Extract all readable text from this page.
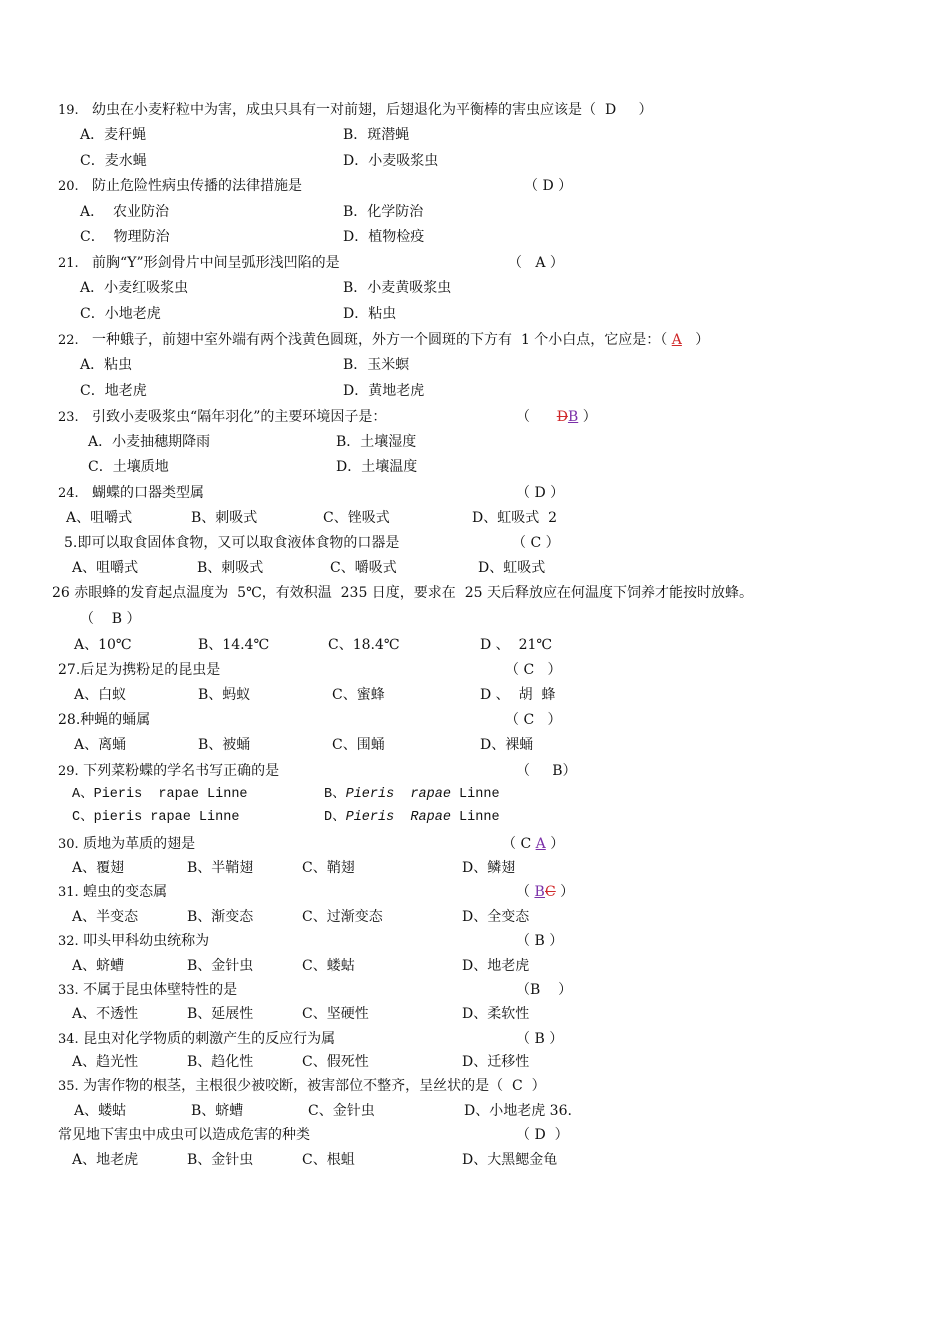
19. 幼虫在小麦籽粒中为害，成虫只具有一对前翅，后翅退化为平衡棒的害虫应该是（ D ）
A．麦秆蝇	B．斑潜蝇
C．麦水蝇	D．小麦吸浆虫
20. 防止危险性病虫传播的法律措施是	（ D ）
A．  农业防治	B．化学防治
C．  物理防治	D．植物检疫
21. 前胸“Y”形剑骨片中间呈弧形浅凹陷的是	（   A ）
A．小麦红吸浆虫	B．小麦黄吸浆虫
C．小地老虎	D．粘虫
22. 一种蛾子，前翅中室外端有两个浅黄色圆斑，外方一个圆斑的下方有  1 个小白点，它应是：（ A ）
A．粘虫	B．玉米螟
C．地老虎	D．黄地老虎
23. 引致小麦吸浆虫“隔年羽化”的主要环境因子是：	（ DB ）
A．小麦抽穗期降雨	B．土壤湿度
C．土壤质地	D．土壤温度
24. 蝴蝶的口器类型属	（ D ）
A、咀嚼式	B、刺吸式	C、锉吸式	D、虹吸式  2
5.即可以取食固体食物，又可以取食液体食物的口器是	（ C ）
A、咀嚼式	B、刺吸式	C、嚼吸式	D、虹吸式
26 赤眼蜂的发育起点温度为  5℃，有效积温  235 日度，要求在  25 天后释放应在何温度下饲养才能按时放蜂。
（    B ）
A、10℃	B、14.4℃	C、18.4℃	D 、  21℃
27.后足为携粉足的昆虫是	（ C   ）
A、白蚁	B、蚂蚁	C、蜜蜂	D 、  胡  蜂
28.种蝇的蛹属	（ C   ）
A、离蛹	B、被蛹	C、围蛹	D、裸蛹
29. 下列菜粉蝶的学名书写正确的是	（     B）
A、Pieris  rapae Linne	B、Pieris  rapae Linne
C、pieris rapae Linne	D、Pieris  Rapae Linne
30. 质地为革质的翅是	（ C A ）
A、覆翅	B、半鞘翅	C、鞘翅	D、鳞翅
31. 蝗虫的变态属	（ BC ）
A、半变态	B、渐变态	C、过渐变态	D、全变态
32. 叩头甲科幼虫统称为	（ B ）
A、蛴螬	B、金针虫	C、蝼蛄	D、地老虎
33. 不属于昆虫体壁特性的是	（B    ）
A、不透性	B、延展性	C、坚硬性	D、柔软性
34. 昆虫对化学物质的刺激产生的反应行为属	（ B ）
A、趋光性	B、趋化性	C、假死性	D、迁移性
35. 为害作物的根茎，主根很少被咬断，被害部位不整齐，呈丝状的是（  C  ）
A、蝼蛄	B、蛴螬	C、金针虫	D、小地老虎 36.
常见地下害虫中成虫可以造成危害的种类	（ D  ）
A、地老虎	B、金针虫	C、根蛆	D、大黑鳃金龟
